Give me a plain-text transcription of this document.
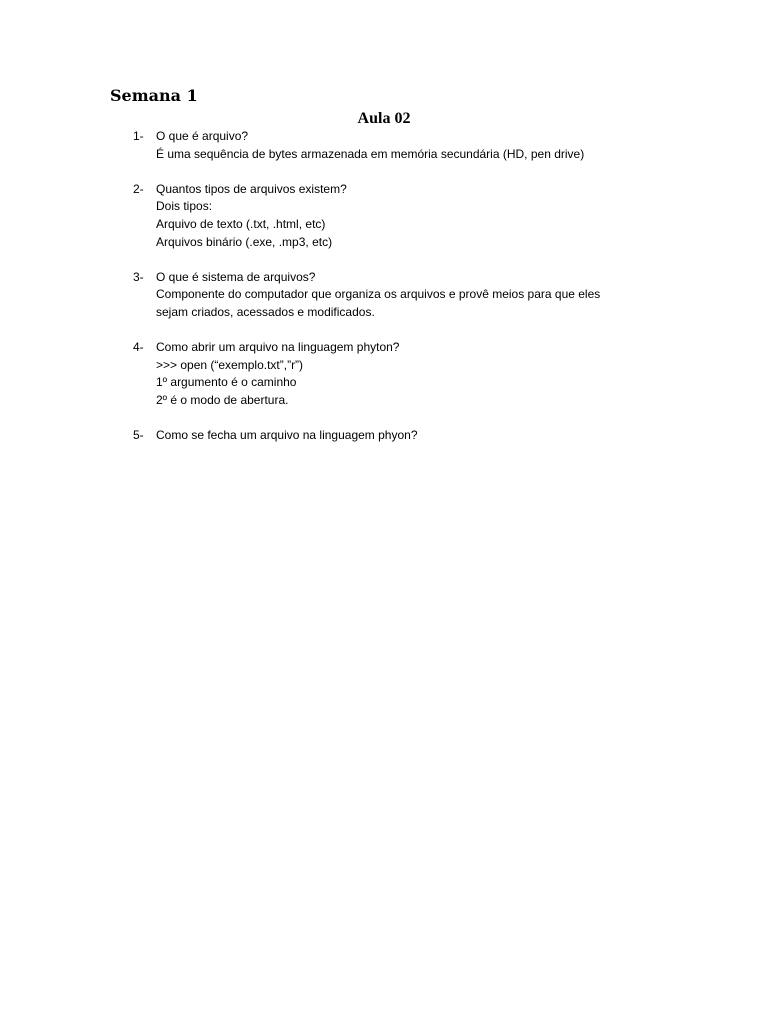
Semana 1
Aula 02
1- O que é arquivo?
É uma sequência de bytes armazenada em memória secundária (HD, pen drive)
2- Quantos tipos de arquivos existem?
Dois tipos:
Arquivo de texto (.txt, .html, etc)
Arquivos binário (.exe, .mp3, etc)
3- O que é sistema de arquivos?
Componente do computador que organiza os arquivos e provê meios para que eles
sejam criados, acessados e modificados.
4- Como abrir um arquivo na linguagem phyton?
>>> open (“exemplo.txt”,”r”)
1º argumento é o caminho
2º é o modo de abertura.
5- Como se fecha um arquivo na linguagem phyon?
